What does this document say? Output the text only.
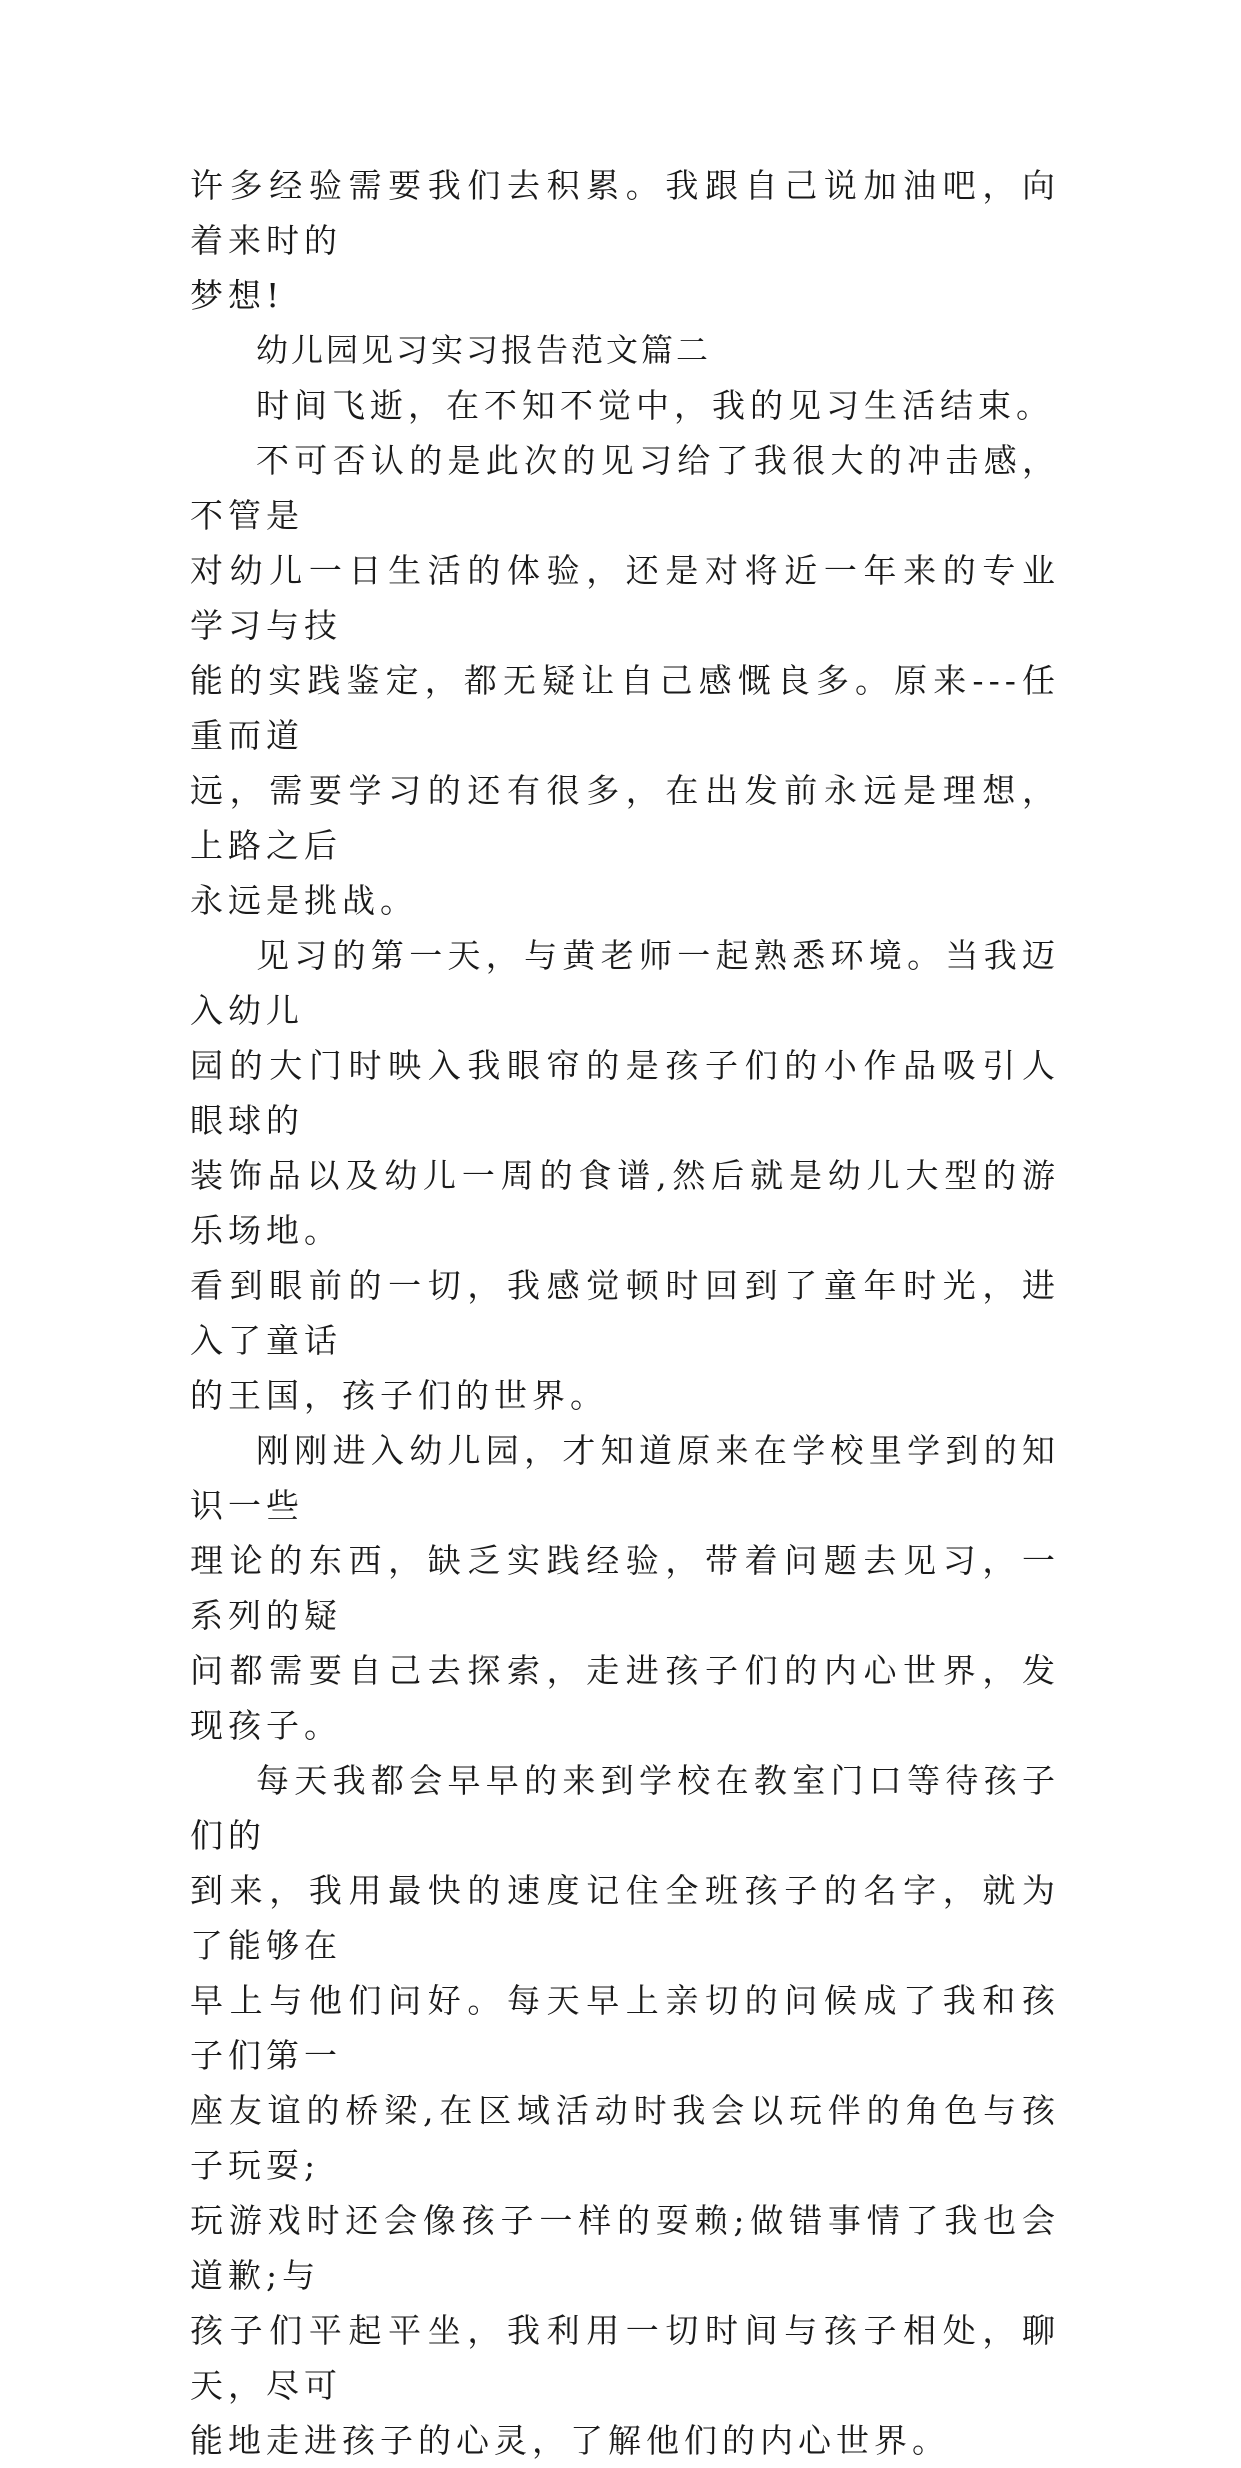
许多经验需要我们去积累。我跟自己说加油吧，向着来时的
梦想!

幼儿园见习实习报告范文篇二

时间飞逝，在不知不觉中，我的见习生活结束。

不可否认的是此次的见习给了我很大的冲击感，不管是
对幼儿一日生活的体验，还是对将近一年来的专业学习与技
能的实践鉴定，都无疑让自己感慨良多。原来---任重而道
远，需要学习的还有很多，在出发前永远是理想，上路之后
永远是挑战。

见习的第一天，与黄老师一起熟悉环境。当我迈入幼儿
园的大门时映入我眼帘的是孩子们的小作品吸引人眼球的
装饰品以及幼儿一周的食谱,然后就是幼儿大型的游乐场地。
看到眼前的一切，我感觉顿时回到了童年时光，进入了童话
的王国，孩子们的世界。

刚刚进入幼儿园，才知道原来在学校里学到的知识一些
理论的东西，缺乏实践经验，带着问题去见习，一系列的疑
问都需要自己去探索，走进孩子们的内心世界，发现孩子。

每天我都会早早的来到学校在教室门口等待孩子们的
到来，我用最快的速度记住全班孩子的名字，就为了能够在
早上与他们问好。每天早上亲切的问候成了我和孩子们第一
座友谊的桥梁,在区域活动时我会以玩伴的角色与孩子玩耍;
玩游戏时还会像孩子一样的耍赖;做错事情了我也会道歉;与
孩子们平起平坐，我利用一切时间与孩子相处，聊天，尽可
能地走进孩子的心灵，了解他们的内心世界。
